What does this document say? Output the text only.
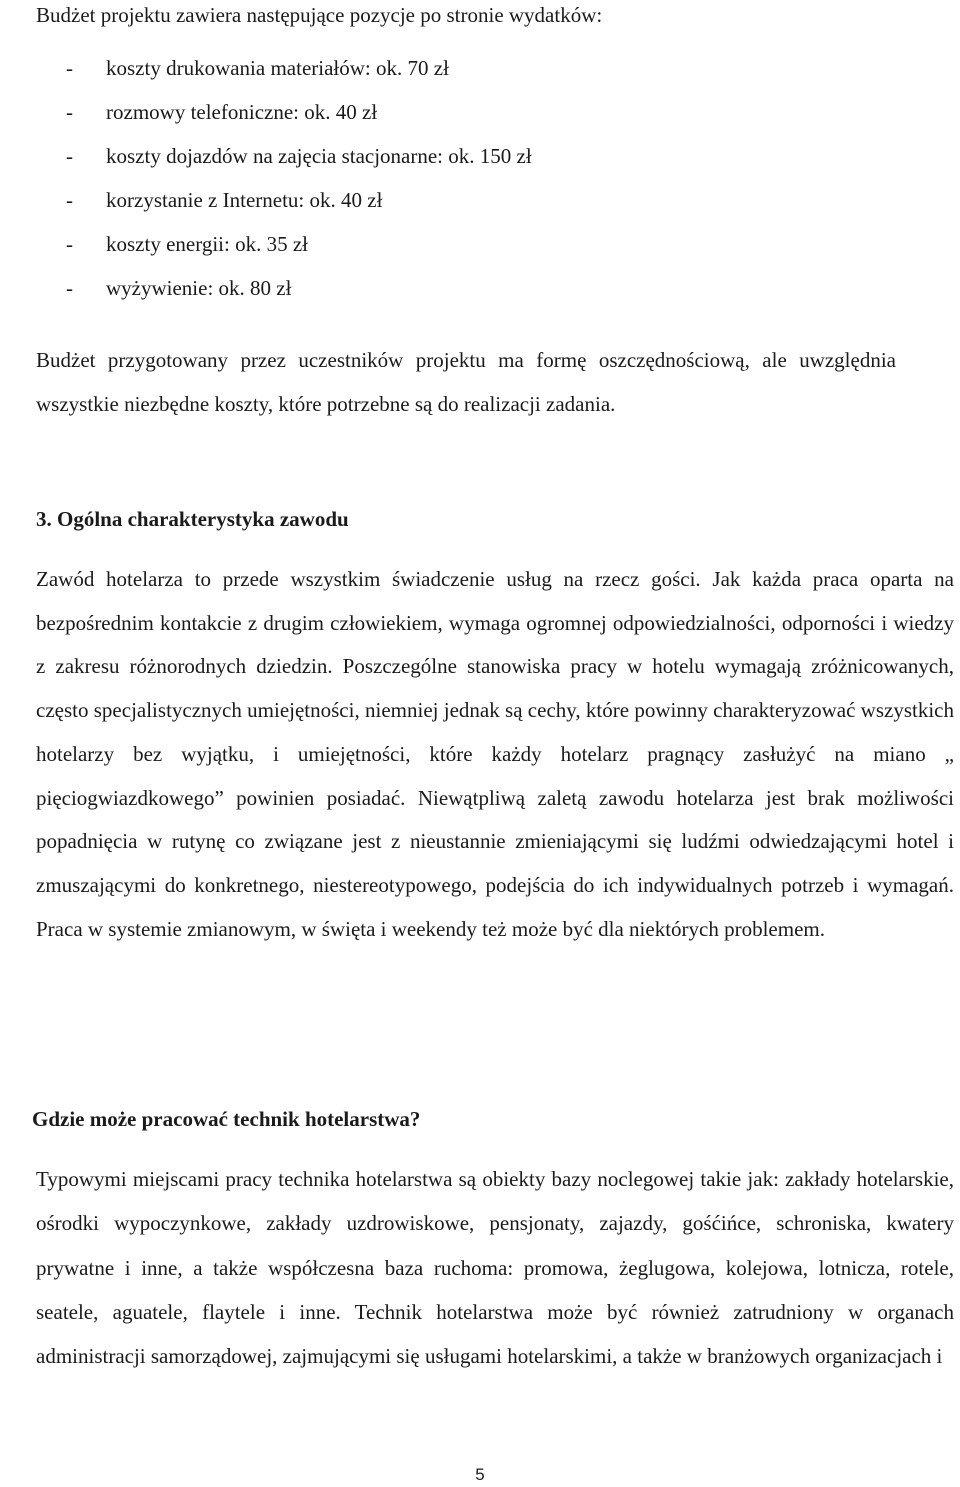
Budżet projektu zawiera następujące pozycje po stronie wydatków:

-	koszty drukowania materiałów: ok. 70 zł
-	rozmowy telefoniczne: ok. 40 zł
-	koszty dojazdów na zajęcia stacjonarne: ok. 150 zł
-	korzystanie z Internetu: ok. 40 zł
-	koszty energii: ok. 35 zł
-	wyżywienie: ok. 80 zł

Budżet przygotowany przez uczestników projektu ma formę oszczędnościową, ale uwzględnia wszystkie niezbędne koszty, które potrzebne są do realizacji zadania.

3. Ogólna charakterystyka zawodu

Zawód hotelarza to przede wszystkim świadczenie usług na rzecz gości. Jak każda praca oparta na bezpośrednim kontakcie z drugim człowiekiem, wymaga ogromnej odpowiedzialności, odporności i wiedzy z zakresu różnorodnych dziedzin. Poszczególne stanowiska pracy w hotelu wymagają zróżnicowanych, często specjalistycznych umiejętności, niemniej jednak są cechy, które powinny charakteryzować wszystkich hotelarzy bez wyjątku, i umiejętności, które każdy hotelarz pragnący zasłużyć na miano „ pięciogwiazdkowego” powinien posiadać. Niewątpliwą zaletą zawodu hotelarza jest brak możliwości popadnięcia w rutynę co związane jest z nieustannie zmieniającymi się ludźmi odwiedzającymi hotel i zmuszającymi do konkretnego, niestereotypowego, podejścia do ich indywidualnych potrzeb i wymagań. Praca w systemie zmianowym, w święta i weekendy też może być dla niektórych problemem.

Gdzie może pracować technik hotelarstwa?

Typowymi miejscami pracy technika hotelarstwa są obiekty bazy noclegowej takie jak: zakłady hotelarskie, ośrodki wypoczynkowe, zakłady uzdrowiskowe, pensjonaty, zajazdy, gośćińce, schroniska, kwatery prywatne i inne, a także współczesna baza ruchoma: promowa, żeglugowa, kolejowa, lotnicza, rotele, seatele, aguatele, flaytele i inne. Technik hotelarstwa może być również zatrudniony w organach administracji samorządowej, zajmującymi się usługami hotelarskimi, a także w branżowych organizacjach i

5
